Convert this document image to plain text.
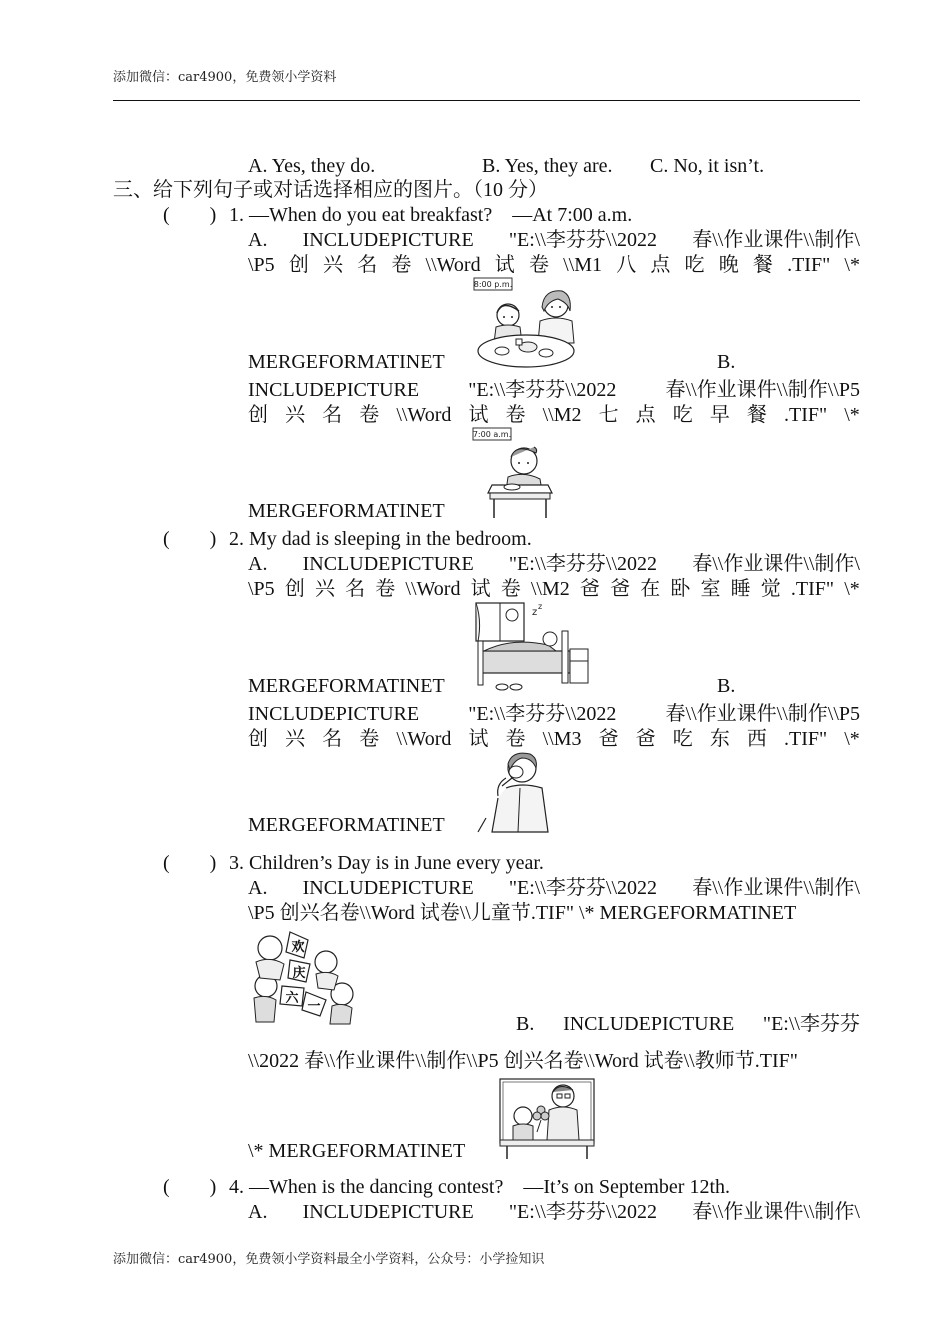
添加微信：car4900，免费领小学资料
A. Yes, they do.	B. Yes, they are. C. No, it isn’t.
三、给下列句子或对话选择相应的图片。（10 分）
(　　) 1. —When do you eat breakfast?　—At 7:00 a.m.
A. INCLUDEPICTURE "E:\\李芬芬\\2022 春\\作业课件\\制作\
\P5 创 兴 名 卷 \\Word 试 卷 \\M1 八 点 吃 晚 餐 .TIF" \*
MERGEFORMATINET
8:00 p.m.
B.
INCLUDEPICTURE "E:\\李芬芬\\2022 春\\作业课件\\制作\\P5
创 兴 名 卷 \\Word 试 卷 \\M2 七 点 吃 早 餐 .TIF" \*
MERGEFORMATINET
7:00 a.m.
(　　) 2. My dad is sleeping in the bedroom.
A. INCLUDEPICTURE "E:\\李芬芬\\2022 春\\作业课件\\制作\
\P5 创 兴 名 卷 \\Word 试 卷 \\M2 爸 爸 在 卧 室 睡 觉 .TIF" \*
MERGEFORMATINET
z
z
B.
INCLUDEPICTURE "E:\\李芬芬\\2022 春\\作业课件\\制作\\P5
创 兴 名 卷 \\Word 试 卷 \\M3 爸 爸 吃 东 西 .TIF" \*
MERGEFORMATINET
(　　) 3. Children’s Day is in June every year.
A. INCLUDEPICTURE "E:\\李芬芬\\2022 春\\作业课件\\制作\
\P5 创兴名卷\\Word 试卷\\儿童节.TIF" \* MERGEFORMATINET
欢
庆
六
一
B. INCLUDEPICTURE "E:\\李芬芬
\\2022 春\\作业课件\\制作\\P5 创兴名卷\\Word 试卷\\教师节.TIF"
\* MERGEFORMATINET
(　　) 4. —When is the dancing contest?　—It’s on September 12th.
A. INCLUDEPICTURE "E:\\李芬芬\\2022 春\\作业课件\\制作\
添加微信：car4900，免费领小学资料最全小学资料，公众号：小学捡知识
